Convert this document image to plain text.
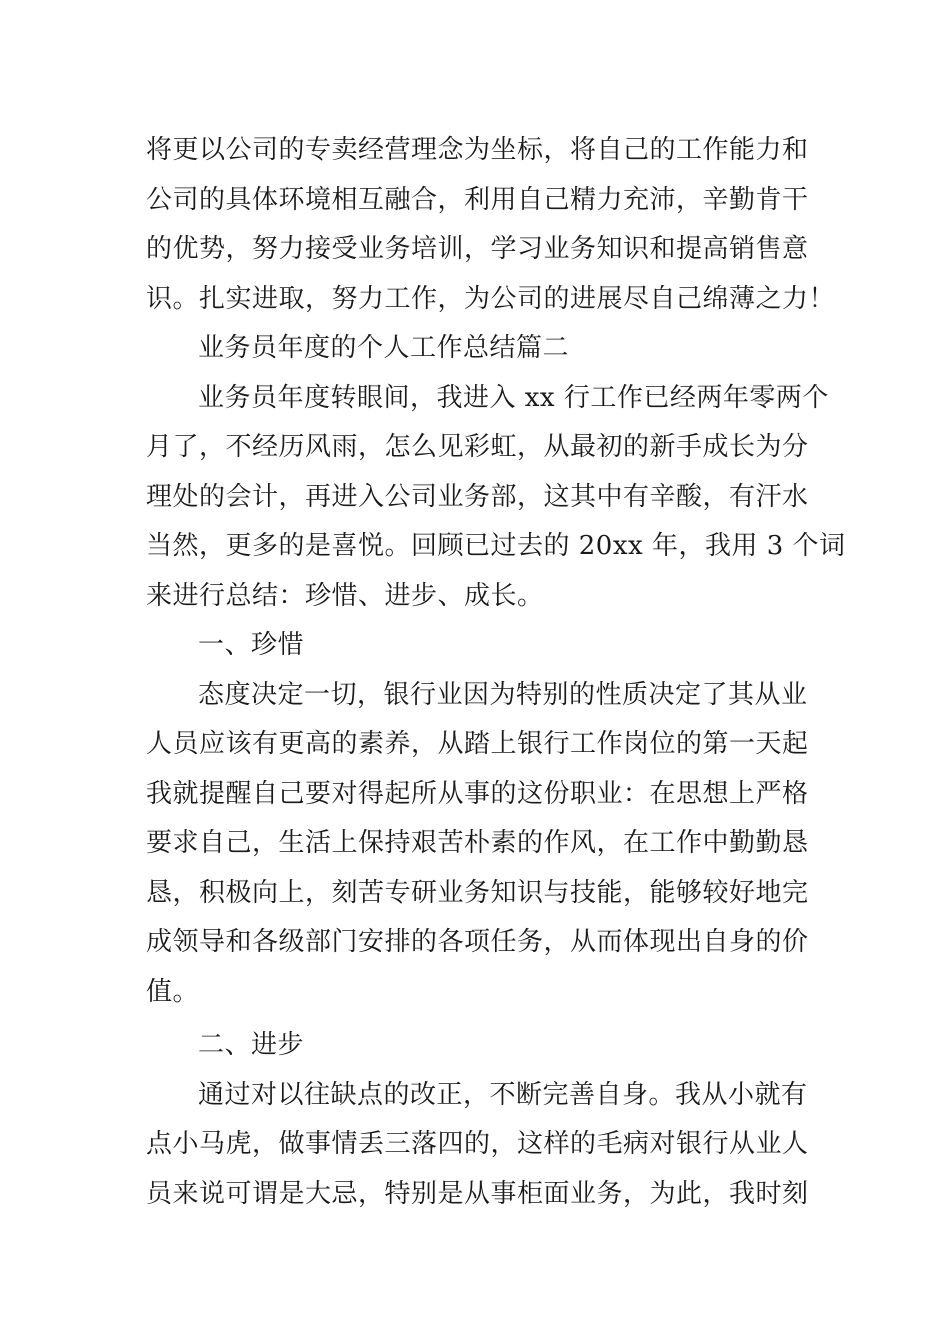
将更以公司的专卖经营理念为坐标，将自己的工作能力和
公司的具体环境相互融合，利用自己精力充沛，辛勤肯干
的优势，努力接受业务培训，学习业务知识和提高销售意
识。扎实进取，努力工作，为公司的进展尽自己绵薄之力！
业务员年度的个人工作总结篇二
业务员年度转眼间，我进入 xx 行工作已经两年零两个
月了，不经历风雨，怎么见彩虹，从最初的新手成长为分
理处的会计，再进入公司业务部，这其中有辛酸，有汗水
当然，更多的是喜悦。回顾已过去的 20xx 年，我用 3 个词
来进行总结：珍惜、进步、成长。
一、珍惜
态度决定一切，银行业因为特别的性质决定了其从业
人员应该有更高的素养，从踏上银行工作岗位的第一天起
我就提醒自己要对得起所从事的这份职业：在思想上严格
要求自己，生活上保持艰苦朴素的作风，在工作中勤勤恳
恳，积极向上，刻苦专研业务知识与技能，能够较好地完
成领导和各级部门安排的各项任务，从而体现出自身的价
值。
二、进步
通过对以往缺点的改正，不断完善自身。我从小就有
点小马虎，做事情丢三落四的，这样的毛病对银行从业人
员来说可谓是大忌，特别是从事柜面业务，为此，我时刻
